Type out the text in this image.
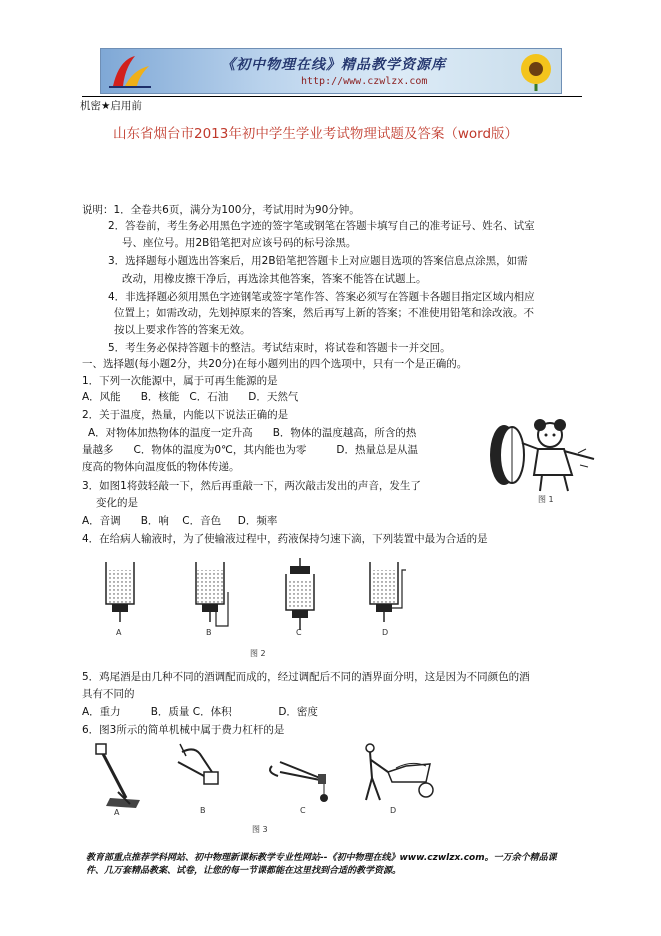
《初中物理在线》精品教学资源库
http://www.czwlzx.com
机密★启用前
山东省烟台市2013年初中学生学业考试物理试题及答案（word版）
说明：1．全卷共6页，满分为100分，考试用时为90分钟。
2．答卷前，考生务必用黑色字迹的签字笔或钢笔在答题卡填写自己的准考证号、姓名、试室
号、座位号。用2B铅笔把对应该号码的标号涂黑。
3．选择题每小题选出答案后，用2B铅笔把答题卡上对应题目选项的答案信息点涂黑，如需
改动，用橡皮擦干净后，再选涂其他答案，答案不能答在试题上。
4．非选择题必须用黑色字迹钢笔或签字笔作答、答案必须写在答题卡各题目指定区域内相应
位置上；如需改动，先划掉原来的答案，然后再写上新的答案；不准使用铅笔和涂改液。不
按以上要求作答的答案无效。
5．考生务必保持答题卡的整洁。考试结束时，将试卷和答题卡一并交回。
一、选择题(每小题2分，共20分)在每小题列出的四个选项中，只有一个是正确的。
1．下列一次能源中，属于可再生能源的是
A．风能      B．核能   C．石油      D．天然气
2．关于温度，热量，内能以下说法正确的是
A．对物体加热物体的温度一定升高      B．物体的温度越高，所含的热
量越多      C．物体的温度为0℃，其内能也为零         D．热量总是从温
度高的物体向温度低的物体传递。
图 1
3．如图1将鼓轻敲一下，然后再重敲一下，两次敲击发出的声音，发生了
变化的是
A．音调      B．响    C．音色     D．频率
4．在给病人输液时，为了使输液过程中，药液保持匀速下滴，下列装置中最为合适的是
A	B	C	D
图 2
5．鸡尾酒是由几种不同的酒调配而成的，经过调配后不同的酒界面分明，这是因为不同颜色的酒
具有不同的
A．重力         B．质量 C．体积              D．密度
6．图3所示的简单机械中属于费力杠杆的是
A	B	C	D
图 3
教育部重点推荐学科网站、初中物理新课标教学专业性网站--《初中物理在线》www.czwlzx.com。一万余个精品课
件、几万套精品教案、试卷，让您的每一节课都能在这里找到合适的教学资源。
